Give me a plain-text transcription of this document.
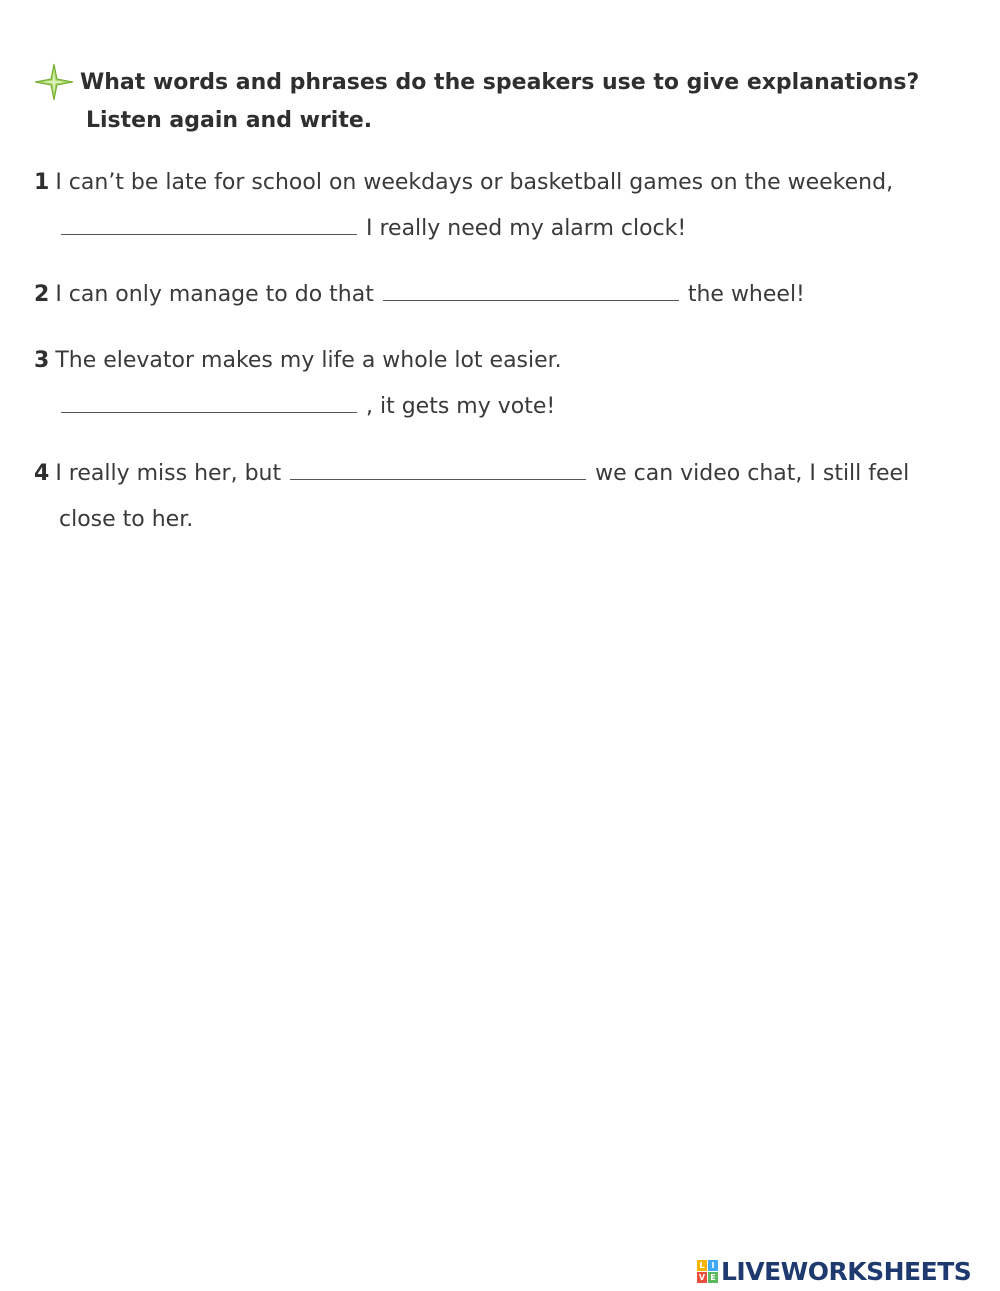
What words and phrases do the speakers use to give explanations?
Listen again and write.
1 I can’t be late for school on weekdays or basketball games on the weekend,
I really need my alarm clock!
2 I can only manage to do that	the wheel!
3 The elevator makes my life a whole lot easier.
, it gets my vote!
4 I really miss her, but	we can video chat, I still feel
close to her.
L I
V E LIVEWORKSHEETS
